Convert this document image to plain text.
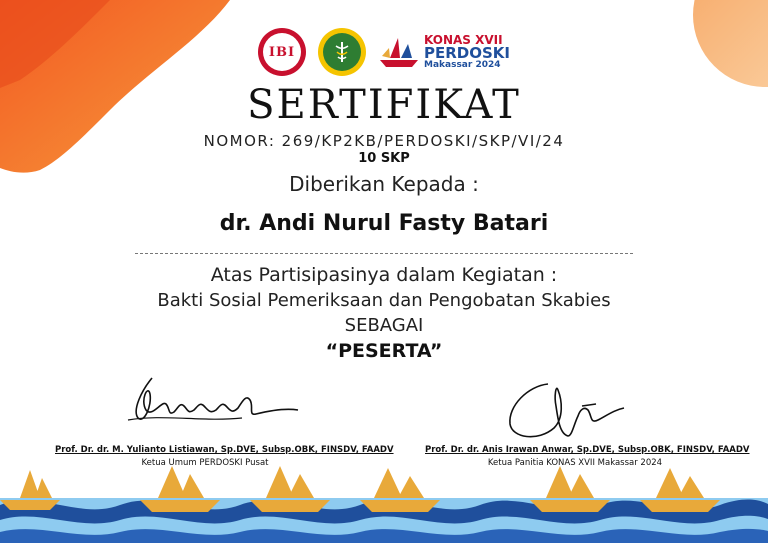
IBI
KONAS XVII
PERDOSKI
Makassar 2024
SERTIFIKAT
NOMOR: 269/KP2KB/PERDOSKI/SKP/VI/24
10 SKP
Diberikan Kepada :
dr. Andi Nurul Fasty Batari
Atas Partisipasinya dalam Kegiatan :
Bakti Sosial Pemeriksaan dan Pengobatan Skabies
SEBAGAI
“PESERTA”
Prof. Dr. dr. M. Yulianto Listiawan, Sp.DVE, Subsp.OBK, FINSDV, FAADV
Ketua Umum PERDOSKI Pusat
Prof. Dr. dr. Anis Irawan Anwar, Sp.DVE, Subsp.OBK, FINSDV, FAADV
Ketua Panitia KONAS XVII Makassar 2024
